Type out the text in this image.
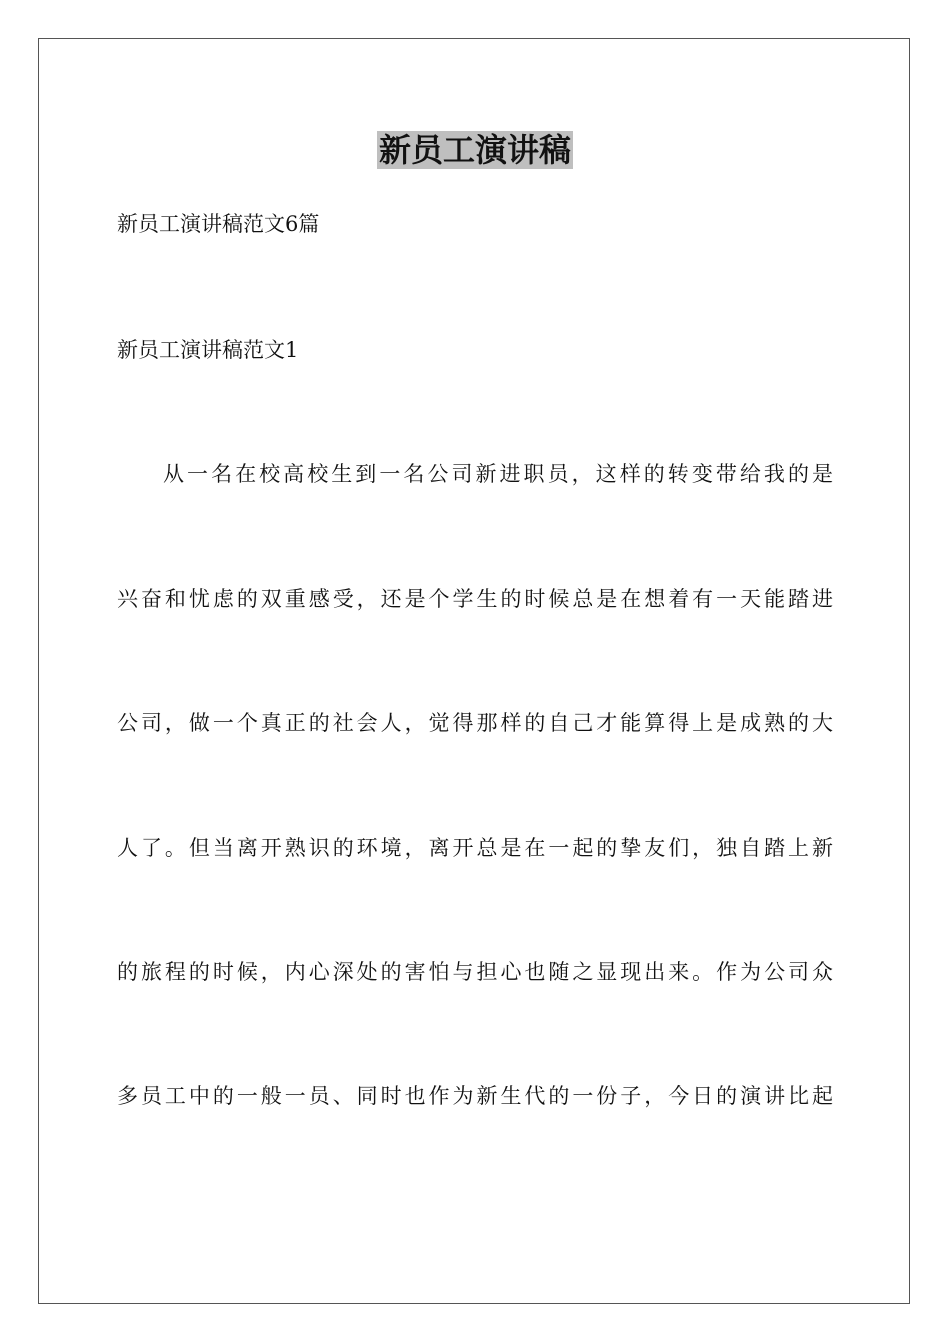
新员工演讲稿

新员工演讲稿范文6篇

新员工演讲稿范文1

从一名在校高校生到一名公司新进职员，这样的转变带给我的是

兴奋和忧虑的双重感受，还是个学生的时候总是在想着有一天能踏进

公司，做一个真正的社会人，觉得那样的自己才能算得上是成熟的大

人了。但当离开熟识的环境，离开总是在一起的挚友们，独自踏上新

的旅程的时候，内心深处的害怕与担心也随之显现出来。作为公司众

多员工中的一般一员、同时也作为新生代的一份子，今日的演讲比起
